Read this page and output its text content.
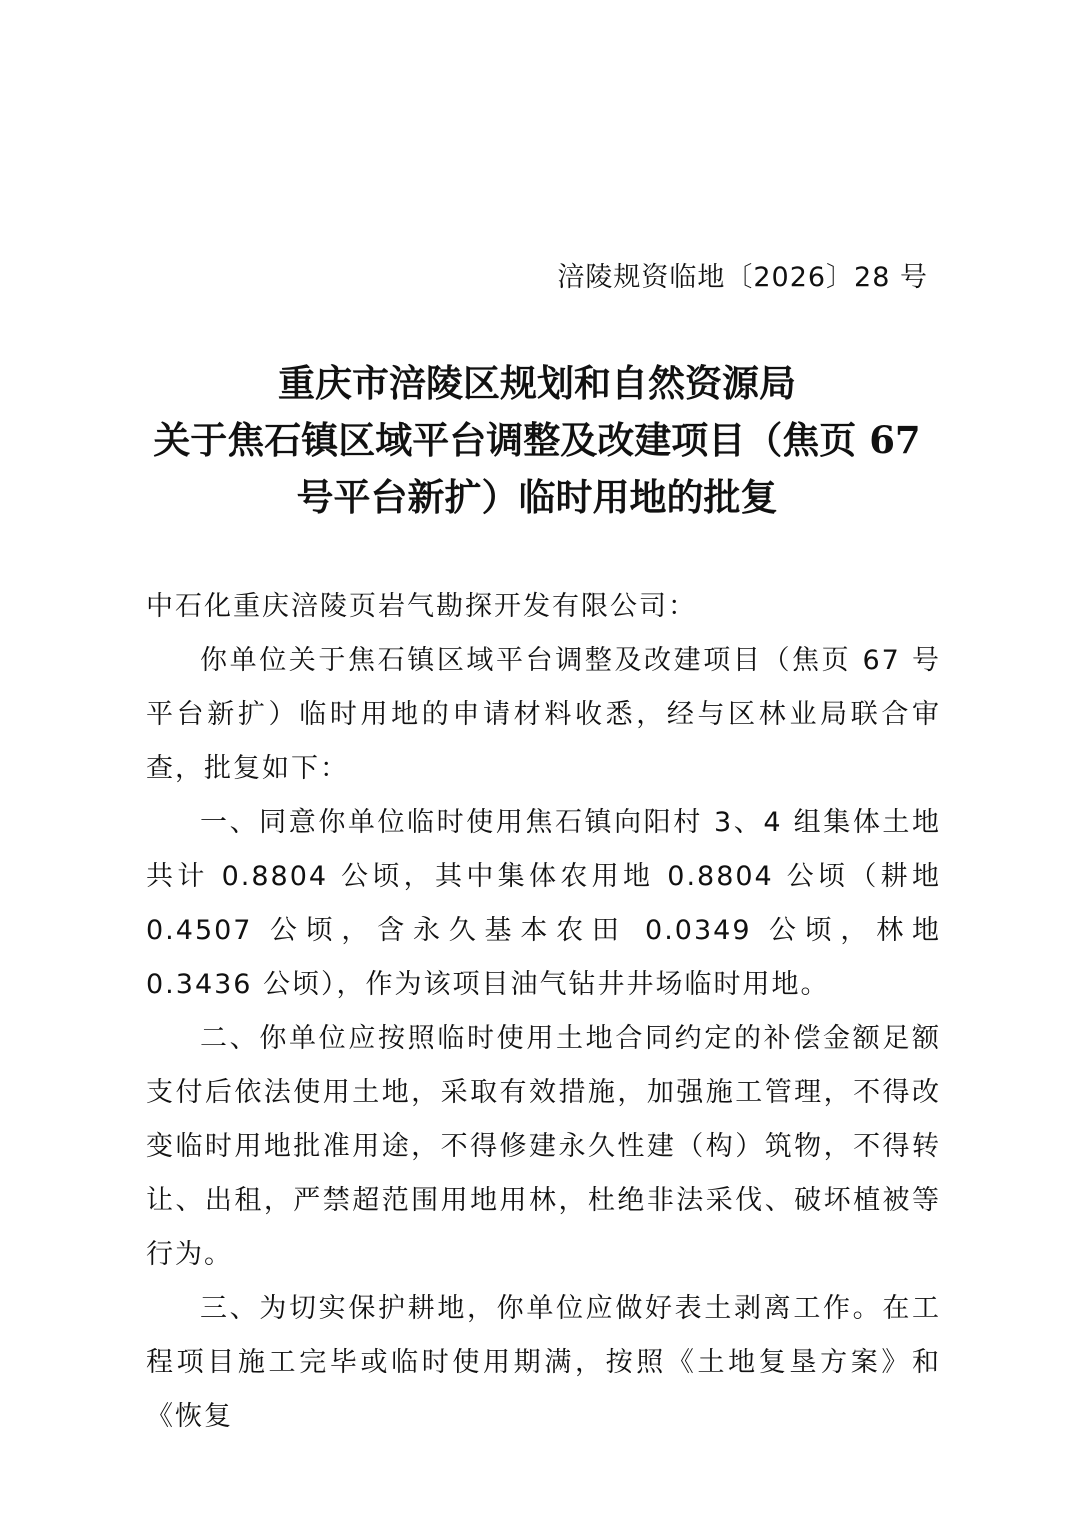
涪陵规资临地〔2026〕28 号
重庆市涪陵区规划和自然资源局
关于焦石镇区域平台调整及改建项目（焦页 67
号平台新扩）临时用地的批复
中石化重庆涪陵页岩气勘探开发有限公司：
你单位关于焦石镇区域平台调整及改建项目（焦页 67 号平台新扩）临时用地的申请材料收悉，经与区林业局联合审查，批复如下：
一、同意你单位临时使用焦石镇向阳村 3、4 组集体土地共计 0.8804 公顷，其中集体农用地 0.8804 公顷（耕地 0.4507 公顷，含永久基本农田 0.0349 公顷，林地 0.3436 公顷），作为该项目油气钻井井场临时用地。
二、你单位应按照临时使用土地合同约定的补偿金额足额支付后依法使用土地，采取有效措施，加强施工管理，不得改变临时用地批准用途，不得修建永久性建（构）筑物，不得转让、出租，严禁超范围用地用林，杜绝非法采伐、破坏植被等行为。
三、为切实保护耕地，你单位应做好表土剥离工作。在工程项目施工完毕或临时使用期满，按照《土地复垦方案》和《恢复
